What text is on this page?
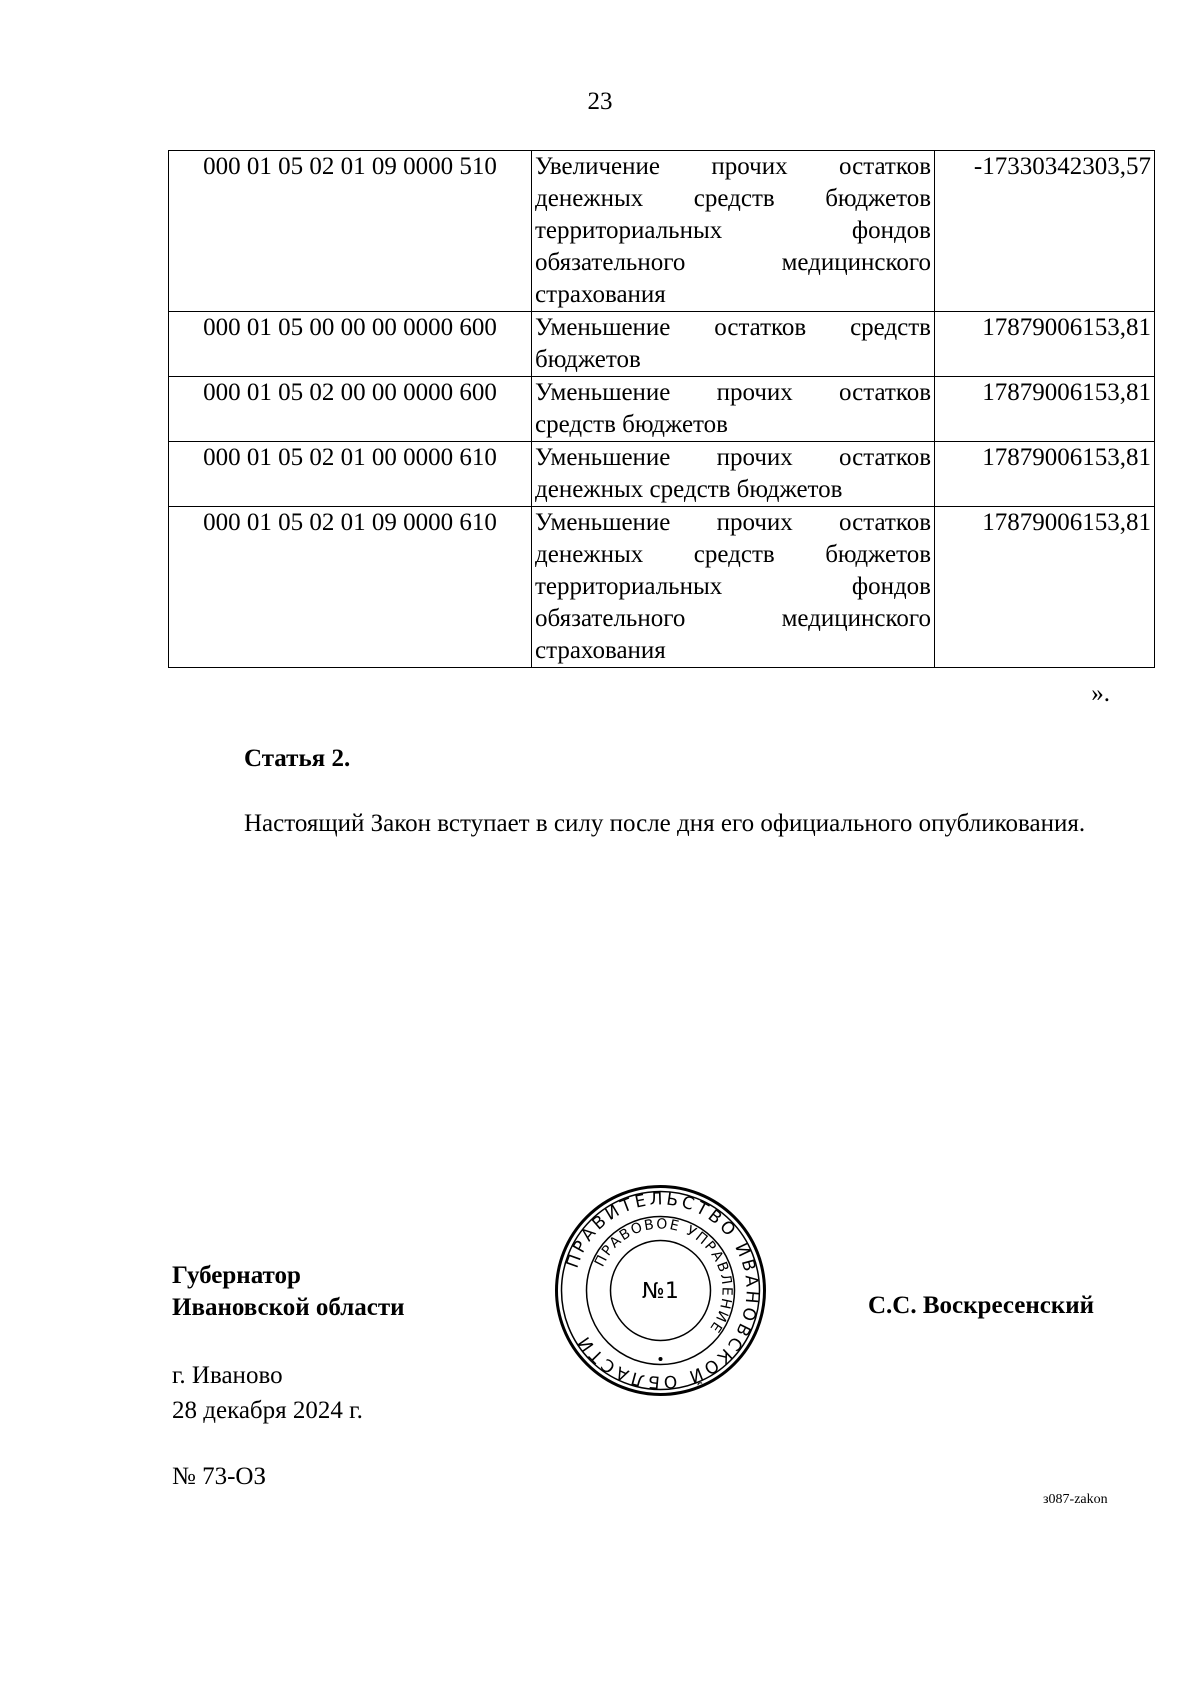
23
000 01 05 02 01 09 0000 510	Увеличение прочих остатков
денежных средств бюджетов
территориальных фондов
обязательного медицинского
страхования	-17330342303,57
000 01 05 00 00 00 0000 600	Уменьшение остатков средств
бюджетов	17879006153,81
000 01 05 02 00 00 0000 600	Уменьшение прочих остатков
средств бюджетов	17879006153,81
000 01 05 02 01 00 0000 610	Уменьшение прочих остатков
денежных средств бюджетов	17879006153,81
000 01 05 02 01 09 0000 610	Уменьшение прочих остатков
денежных средств бюджетов
территориальных фондов
обязательного медицинского
страхования	17879006153,81
».
Статья 2.
Настоящий Закон вступает в силу после дня его официального опубликования.
Губернатор
Ивановской области
ПРАВИТЕЛЬСТВО ИВАНОВСКОЙ ОБЛАСТИ
ПРАВОВОЕ УПРАВЛЕНИЕ
№1
С.С. Воскресенский
г. Иваново
28 декабря 2024 г.
№ 73-ОЗ
з087-zakon
